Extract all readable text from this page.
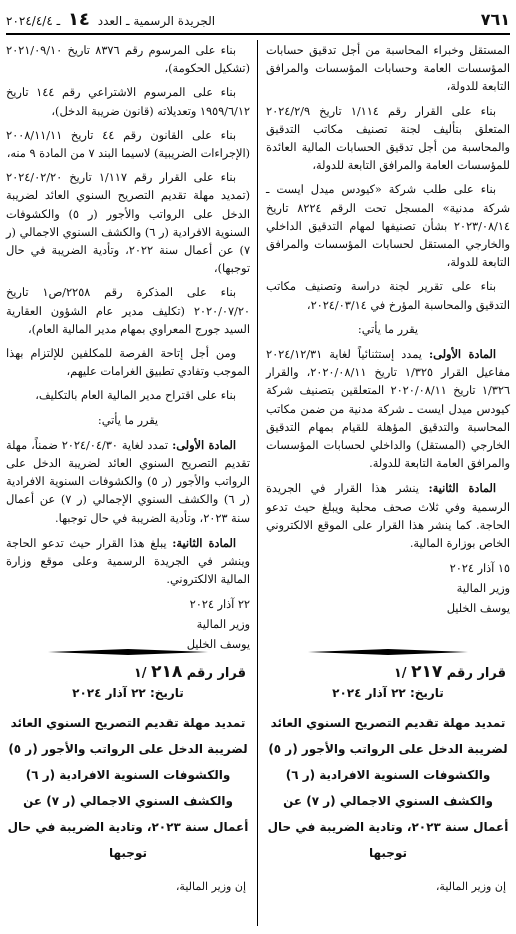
٧٦١
الجريدة الرسمية ـ العدد ١٤ ـ ٢٠٢٤/٤/٤

المستقل وخبراء المحاسبة من أجل تدقيق حسابات المؤسسات العامة وحسابات المؤسسات والمرافق التابعة للدولة،

بناء على القرار رقم ١/١١٤ تاريخ ٢٠٢٤/٢/٩ المتعلق بتأليف لجنة تصنيف مكاتب التدقيق والمحاسبة من أجل تدقيق الحسابات المالية العائدة للمؤسسات العامة والمرافق التابعة للدولة،

بناء على طلب شركة «كيودس ميدل ايست ـ شركة مدنية» المسجل تحت الرقم ٨٢٢٤ تاريخ ٢٠٢٣/٠٨/١٤ بشأن تصنيفها لمهام التدقيق الداخلي والخارجي المستقل لحسابات المؤسسات والمرافق التابعة للدولة،

بناء على تقرير لجنة دراسة وتصنيف مكاتب التدقيق والمحاسبة المؤرخ في ٢٠٢٤/٠٣/١٤،

يقرر ما يأتي:

المادة الأولى: يمدد إستثنائياً لغاية ٢٠٢٤/١٢/٣١ مفاعيل القرار ١/٣٢٥ تاريخ ٢٠٢٠/٠٨/١١، والقرار ١/٣٢٦ تاريخ ٢٠٢٠/٠٨/١١ المتعلقين بتصنيف شركة كيودس ميدل ايست ـ شركة مدنية من ضمن مكاتب المحاسبة والتدقيق المؤهلة للقيام بمهام التدقيق الخارجي (المستقل) والداخلي لحسابات المؤسسات والمرافق العامة التابعة للدولة.

المادة الثانية: ينشر هذا القرار في الجريدة الرسمية وفي ثلاث صحف محلية ويبلغ حيث تدعو الحاجة. كما ينشر هذا القرار على الموقع الالكتروني الخاص بوزارة المالية.

١٥ آذار ٢٠٢٤
وزير المالية
يوسف الخليل

بناء على المرسوم رقم ٨٣٧٦ تاريخ ٢٠٢١/٠٩/١٠ (تشكيل الحكومة)،

بناء على المرسوم الاشتراعي رقم ١٤٤ تاريخ ١٩٥٩/٦/١٢ وتعديلاته (قانون ضريبة الدخل)،

بناء على القانون رقم ٤٤ تاريخ ٢٠٠٨/١١/١١ (الإجراءات الضريبية) لاسيما البند ٧ من المادة ٩ منه،

بناء على القرار رقم ١/١١٧ تاريخ ٢٠٢٤/٠٢/٢٠ (تمديد مهلة تقديم التصريح السنوي العائد لضريبة الدخل على الرواتب والأجور (ر ٥) والكشوفات السنوية الافرادية (ر ٦) والكشف السنوي الاجمالي (ر ٧) عن أعمال سنة ٢٠٢٢، وتأدية الضريبة في حال توجبها)،

بناء على المذكرة رقم ٢٢٥٨/ص١ تاريخ ٢٠٢٠/٠٧/٢٠ (تكليف مدير عام الشؤون العقارية السيد جورج المعراوي بمهام مدير المالية العام)،

ومن أجل إتاحة الفرصة للمكلفين للإلتزام بهذا الموجب وتفادي تطبيق الغرامات عليهم،

بناء على اقتراح مدير المالية العام بالتكليف،

يقرر ما يأتي:

المادة الأولى: تمدد لغاية ٢٠٢٤/٠٤/٣٠ ضمناً، مهلة تقديم التصريح السنوي العائد لضريبة الدخل على الرواتب والأجور (ر ٥) والكشوفات السنوية الافرادية (ر ٦) والكشف السنوي الإجمالي (ر ٧) عن أعمال سنة ٢٠٢٣، وتأدية الضريبة في حال توجبها.

المادة الثانية: يبلغ هذا القرار حيث تدعو الحاجة وينشر في الجريدة الرسمية وعلى موقع وزارة المالية الالكتروني.

٢٢ آذار ٢٠٢٤
وزير المالية
يوسف الخليل
قرار رقم ٢١٧ /١
تاريخ: ٢٢ آذار ٢٠٢٤
تمديد مهلة تقديم التصريح السنوي العائد لضريبة الدخل على الرواتب والأجور (ر ٥) والكشوفات السنوية الافرادية (ر ٦) والكشف السنوي الاجمالي (ر ٧) عن أعمال سنة ٢٠٢٣، وتادية الضريبة في حال توجبها
إن وزير المالية،
قرار رقم ٢١٨ /١
تاريخ: ٢٢ آذار ٢٠٢٤
تمديد مهلة تقديم التصريح السنوي العائد لضريبة الدخل على الرواتب والأجور (ر ٥) والكشوفات السنوية الافرادية (ر ٦) والكشف السنوي الاجمالي (ر ٧) عن أعمال سنة ٢٠٢٣، وتادية الضريبة في حال توجبها
إن وزير المالية،
